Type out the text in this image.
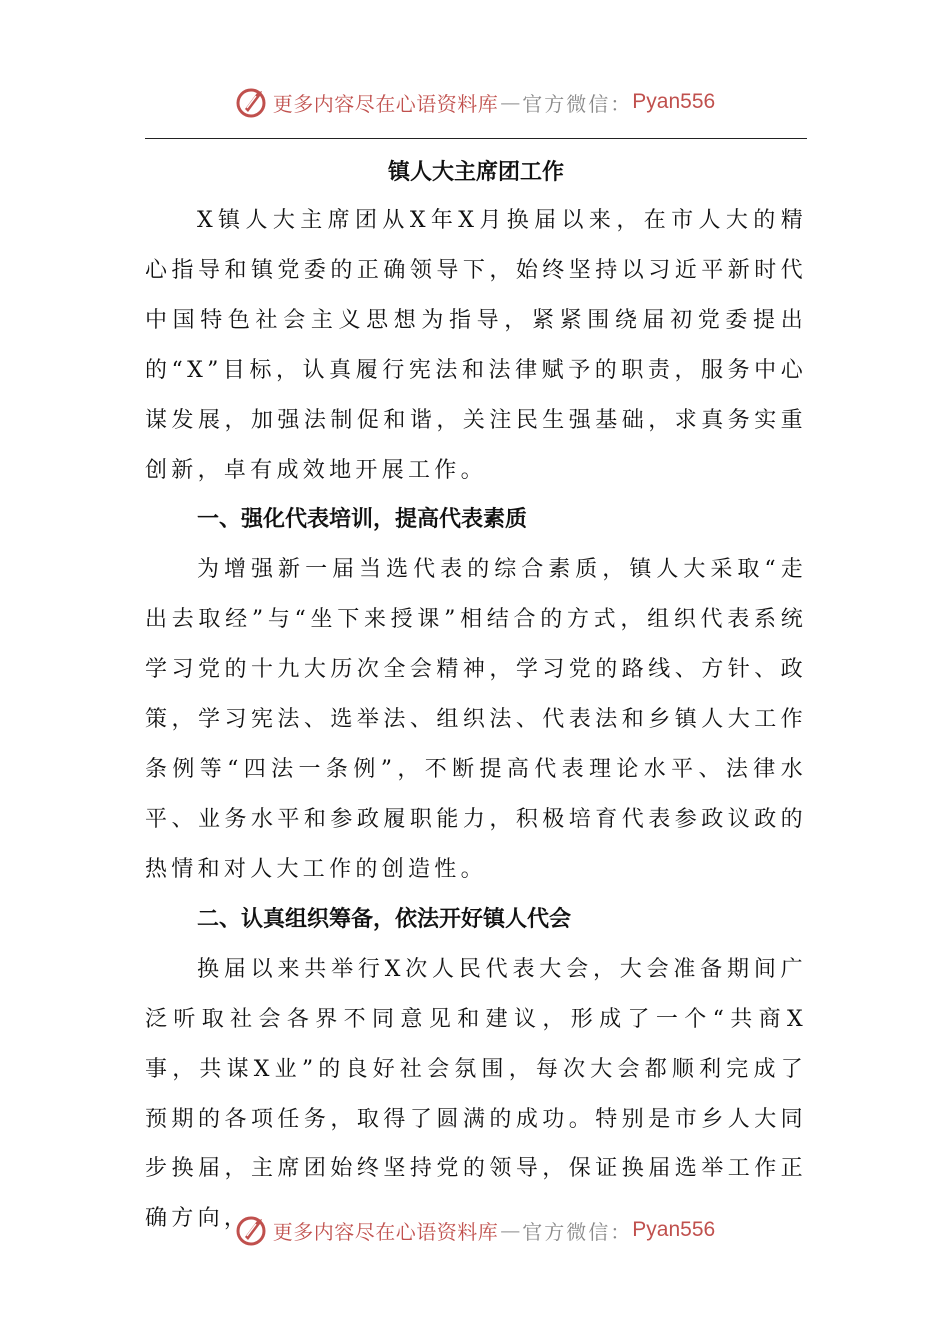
更多内容尽在心语资料库 — 官方微信： Pyan556
镇人大主席团工作

X镇人大主席团从X年X月换届以来，在市人大的精心指导和镇党委的正确领导下，始终坚持以习近平新时代中国特色社会主义思想为指导，紧紧围绕届初党委提出的“X”目标，认真履行宪法和法律赋予的职责，服务中心谋发展，加强法制促和谐，关注民生强基础，求真务实重创新，卓有成效地开展工作。

一、强化代表培训，提高代表素质

为增强新一届当选代表的综合素质，镇人大采取“走出去取经”与“坐下来授课”相结合的方式，组织代表系统学习党的十九大历次全会精神，学习党的路线、方针、政策，学习宪法、选举法、组织法、代表法和乡镇人大工作条例等“四法一条例”，不断提高代表理论水平、法律水平、业务水平和参政履职能力，积极培育代表参政议政的热情和对人大工作的创造性。

二、认真组织筹备，依法开好镇人代会

换届以来共举行X次人民代表大会，大会准备期间广泛听取社会各界不同意见和建议，形成了一个“共商X事，共谋X业”的良好社会氛围，每次大会都顺利完成了预期的各项任务，取得了圆满的成功。特别是市乡人大同步换届，主席团始终坚持党的领导，保证换届选举工作正确方向，

更多内容尽在心语资料库 — 官方微信： Pyan556
